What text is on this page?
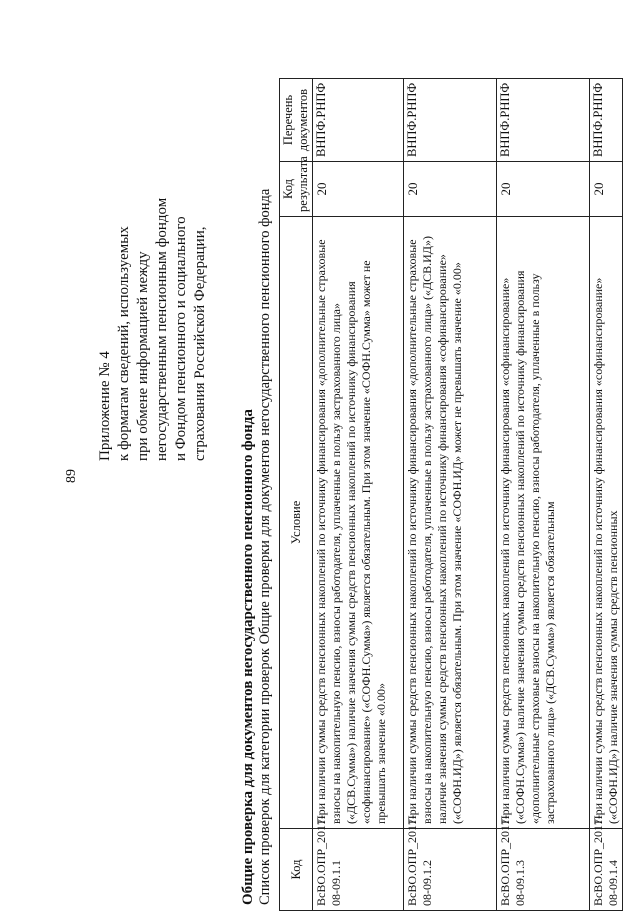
89
Приложение № 4 к форматам сведений, используемых при обмене информацией между негосударственным пенсионным фондом и Фондом пенсионного и социального страхования Российской Федерации,
Общие проверка для документов негосударственного пенсионного фонда Список проверок для категории проверок Общие проверки для документов негосударственного пенсионного фонда Код	Условие	Код результата	Перечень документов
ВсВО.ОПР_2017-08-09.1.1	При наличии суммы средств пенсионных накоплений по источнику финансирования «дополнительные страховые взносы на накопительную пенсию, взносы работодателя, уплаченные в пользу застрахованного лица» («ДСВ.Сумма») наличие значения суммы средств пенсионных накоплений по источнику финансирования «софинансирование» («СОФН.Сумма») является обязательным. При этом значение «СОФН.Сумма» может не превышать значение «0.00»	20	ВНПФ.РНПФ
ВсВО.ОПР_2017-08-09.1.2	При наличии суммы средств пенсионных накоплений по источнику финансирования «дополнительные страховые взносы на накопительную пенсию, взносы работодателя, уплаченные в пользу застрахованного лица» («ДСВ.ИД») наличие значения суммы средств пенсионных накоплений по источнику финансирования «софинансирование» («СОФН.ИД») является обязательным. При этом значение «СОФН.ИД» может не превышать значение «0.00»	20	ВНПФ.РНПФ
ВсВО.ОПР_2017-08-09.1.3	При наличии суммы средств пенсионных накоплений по источнику финансирования «софинансирование» («СОФН.Сумма») наличие значения суммы средств пенсионных накоплений по источнику финансирования «дополнительные страховые взносы на накопительную пенсию, взносы работодателя, уплаченные в пользу застрахованного лица» («ДСВ.Сумма») является обязательным	20	ВНПФ.РНПФ
ВсВО.ОПР_2017-08-09.1.4	При наличии суммы средств пенсионных накоплений по источнику финансирования «софинансирование» («СОФН.ИД») наличие значения суммы средств пенсионных	20	ВНПФ.РНПФ
